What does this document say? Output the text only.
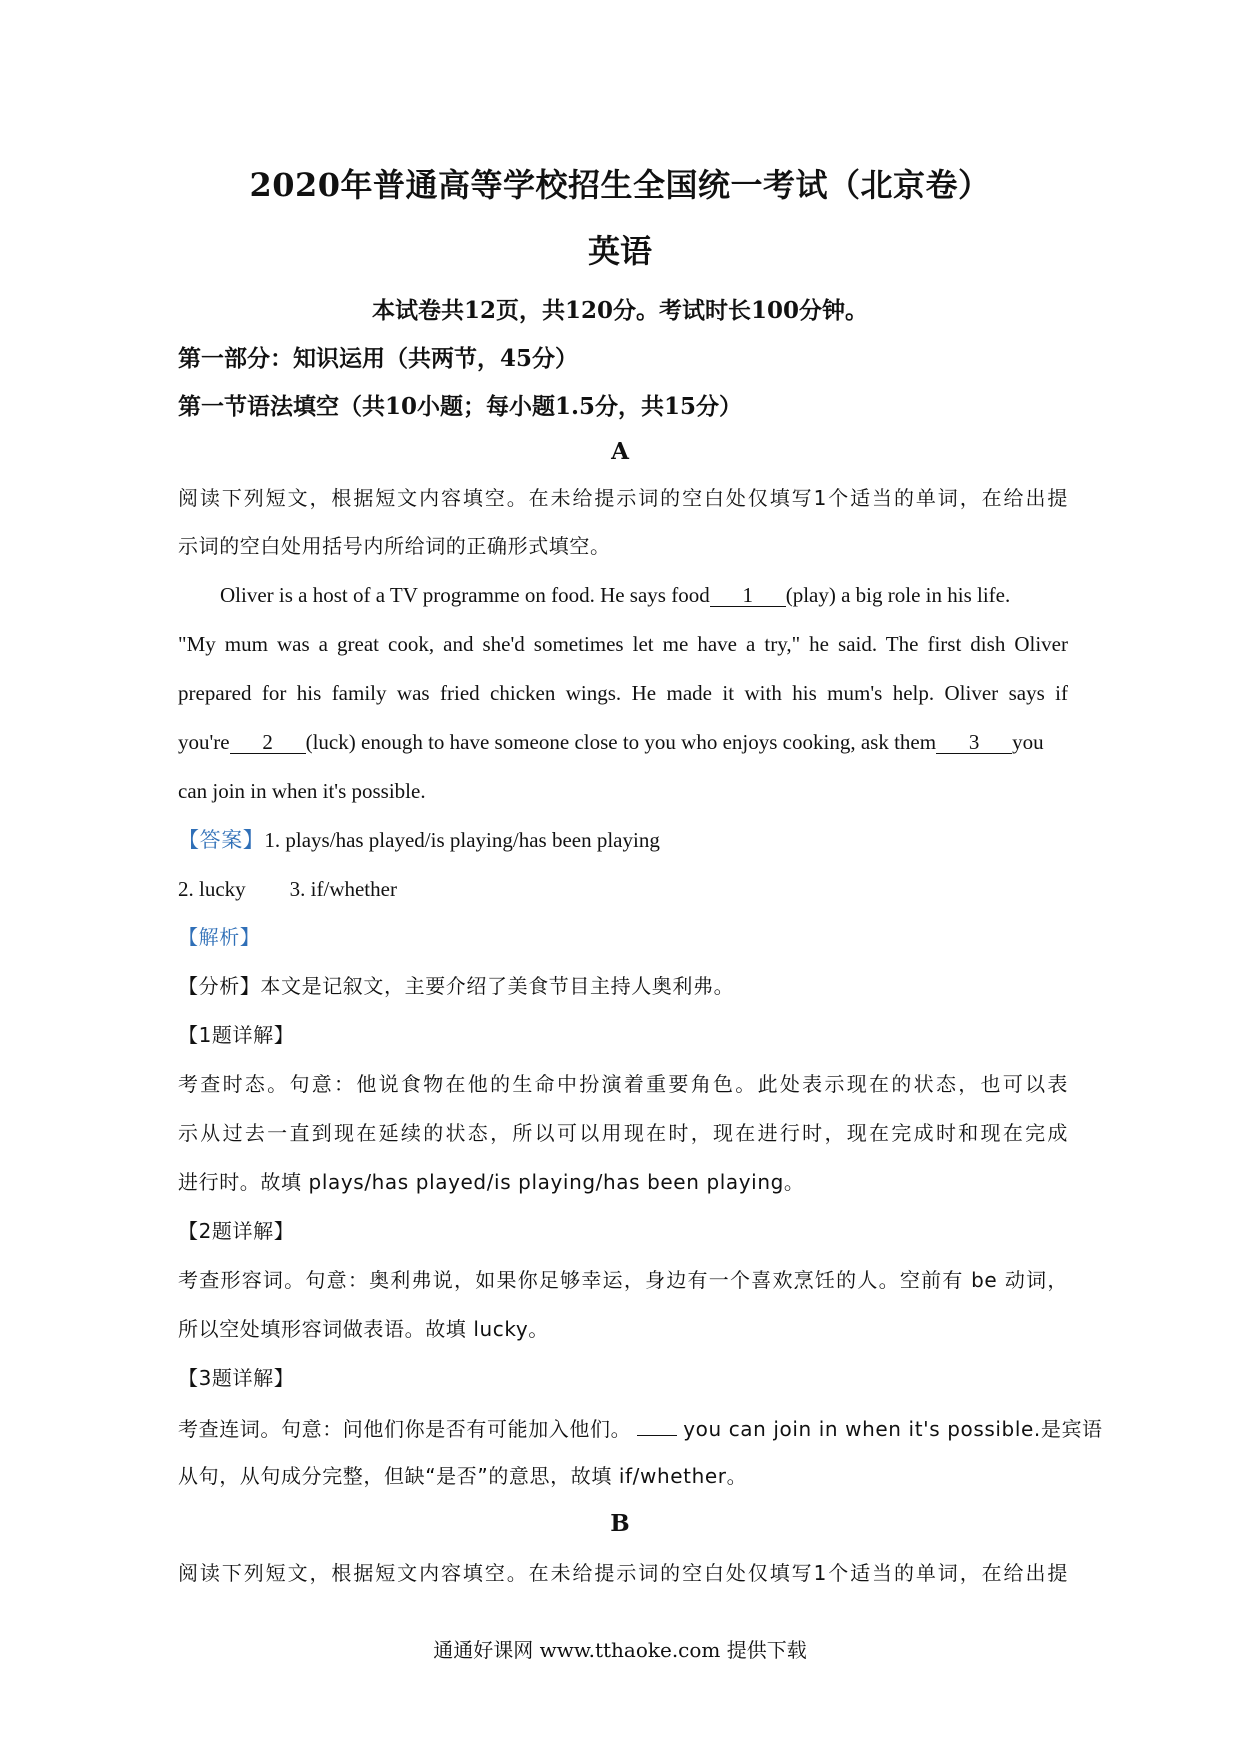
2020年普通高等学校招生全国统一考试（北京卷）
英语
本试卷共12页，共120分。考试时长100分钟。
第一部分：知识运用（共两节，45分）
第一节语法填空（共10小题；每小题1.5分，共15分）
A
阅读下列短文，根据短文内容填空。在未给提示词的空白处仅填写1个适当的单词，在给出提
示词的空白处用括号内所给词的正确形式填空。
Oliver is a host of a TV programme on food. He says food 1 (play) a big role in his life.
"My mum was a great cook, and she'd sometimes let me have a try," he said. The first dish Oliver
prepared for his family was fried chicken wings. He made it with his mum's help. Oliver says if
you're 2 (luck) enough to have someone close to you who enjoys cooking, ask them 3 you
can join in when it's possible.
【答案】1. plays/has played/is playing/has been playing
2. lucky 3. if/whether
【解析】
【分析】本文是记叙文，主要介绍了美食节目主持人奥利弗。
【1题详解】
考查时态。句意：他说食物在他的生命中扮演着重要角色。此处表示现在的状态，也可以表
示从过去一直到现在延续的状态，所以可以用现在时，现在进行时，现在完成时和现在完成
进行时。故填 plays/has played/is playing/has been playing。
【2题详解】
考查形容词。句意：奥利弗说，如果你足够幸运，身边有一个喜欢烹饪的人。空前有 be 动词，
所以空处填形容词做表语。故填 lucky。
【3题详解】
考查连词。句意：问他们你是否有可能加入他们。	you can join in when it's possible.是宾语
从句，从句成分完整，但缺“是否”的意思，故填 if/whether。
B
阅读下列短文，根据短文内容填空。在未给提示词的空白处仅填写1个适当的单词，在给出提
通通好课网 www.tthaoke.com 提供下载
